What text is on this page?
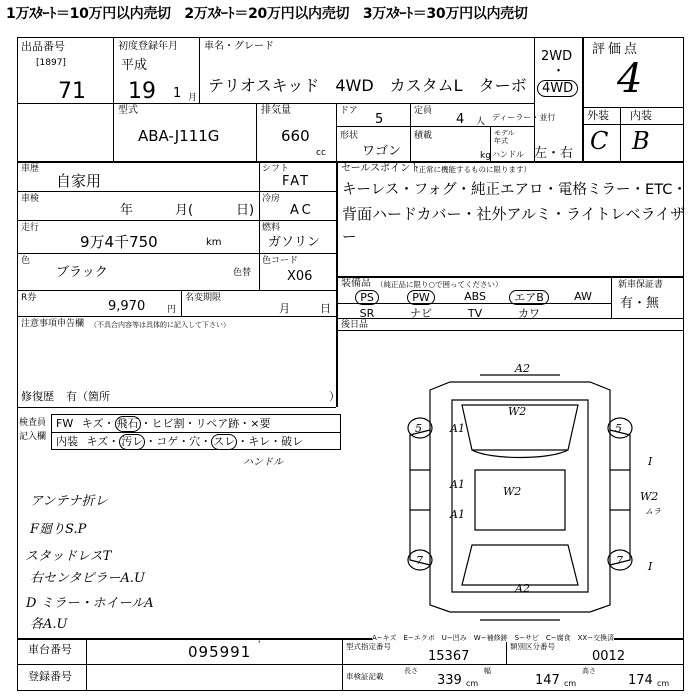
1万ｽﾀｰﾄ＝10万円以内売切　2万ｽﾀｰﾄ＝20万円以内売切　3万ｽﾀｰﾄ＝30万円以内売切
出品番号
[1897]
71
初度登録年月
平成
19 1 月
車名・グレード
テリオスキッド　4WD　カスタムL　ターボ
2WD
・
4WD
評価点
4
外装 内装
C B
型式
ABA-J111G
排気量
660
cc
ドア
5
定員
4 人 ディーラー・並行
形状
ワゴン
積載
kg
モデル
年式
ハンドル 左・右
車歴
自家用
シフト
FAT
車検
年	月(	日)
冷房
AC
走行
9万4千750	km
燃料
ガソリン
色
ブラック	色替
色コード
X06
R券
9,970 円
名変期限
月	日
注意事項申告欄 （不具合内容等は具体的に記入して下さい）
修復歴 有（箇所	）
セールスポイント
（正常に機能するものに限ります）
キーレス・フォグ・純正エアロ・電格ミラー・ETC・
背面ハードカバー・社外アルミ・ライトレベライザ
ー
装備品 （純正品に限り○で囲ってください）	新車保証書
有・無
PS	PW	ABS	エアB	AW
SR	ナビ	TV	カワ
後日品
検査員
記入欄
FW キズ・ 飛石 ・ヒビ割・リペア跡・×要
内装 キズ・ 汚レ ・コゲ・穴・ スレ ・キレ・破レ
ハンドル
アンテナ折レ
F廻りS.P
スタッドレスT
右センタピラーA.U
D ミラー・ホイールA
各A.U
A2
W2
A1
A1
5	5
A1
W2
A2
7	7
W2
ムラ
I
I
A−キズ　E−エクボ　U−凹み　W−補修跡　S−サビ　C−腐食　XX−交換済
車台番号	095991 '
登録番号
型式指定番号
15367
類別区分番号
0012
車検証記載
長さ
339 cm
幅
147 cm
高さ
174 cm
